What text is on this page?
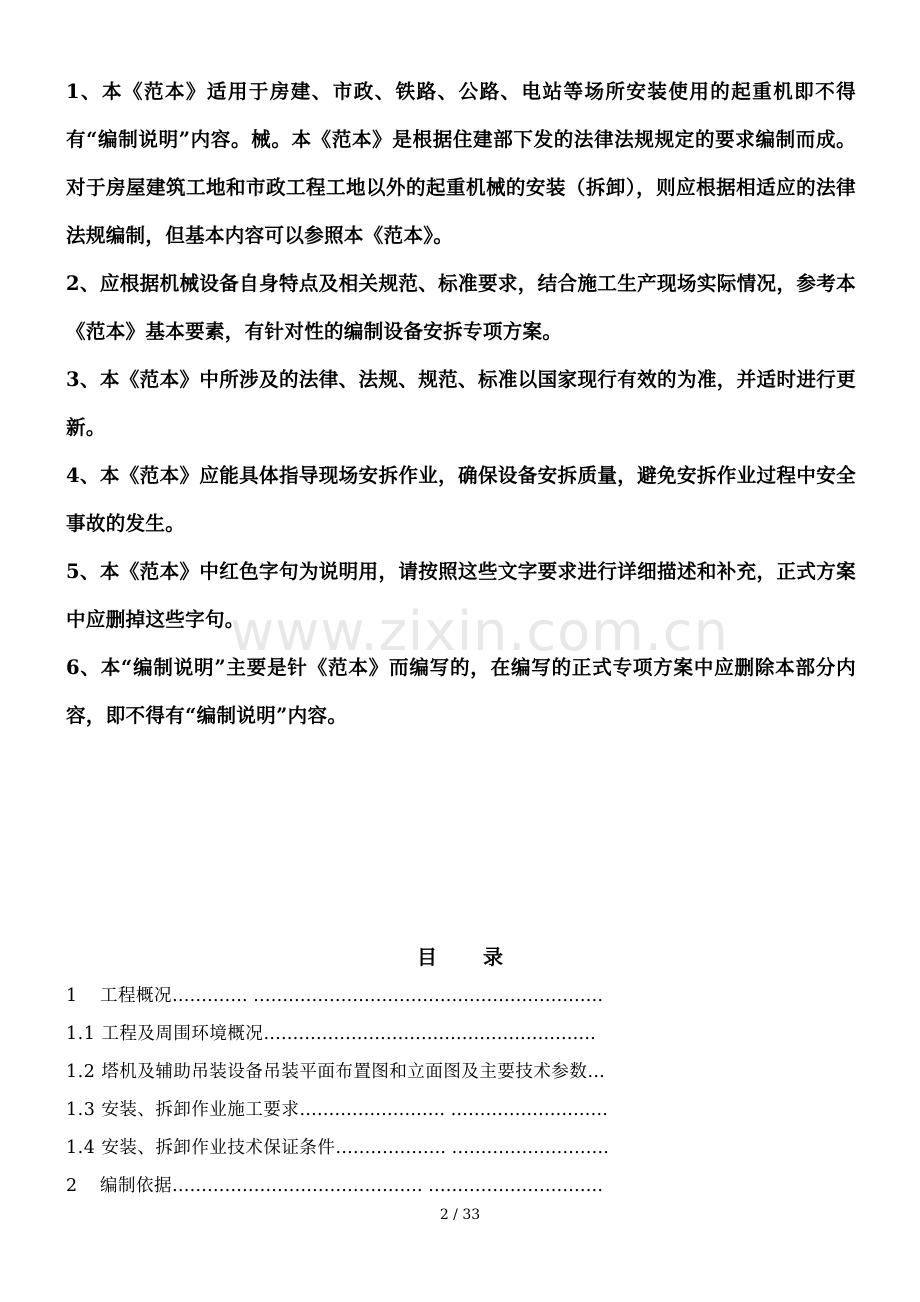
1、本《范本》适用于房建、市政、铁路、公路、电站等场所安装使用的起重机即不得有“编制说明”内容。械。本《范本》是根据住建部下发的法律法规规定的要求编制而成。对于房屋建筑工地和市政工程工地以外的起重机械的安装（拆卸），则应根据相适应的法律法规编制，但基本内容可以参照本《范本》。

2、应根据机械设备自身特点及相关规范、标准要求，结合施工生产现场实际情况，参考本《范本》基本要素，有针对性的编制设备安拆专项方案。

3、本《范本》中所涉及的法律、法规、规范、标准以国家现行有效的为准，并适时进行更新。

4、本《范本》应能具体指导现场安拆作业，确保设备安拆质量，避免安拆作业过程中安全事故的发生。

5、本《范本》中红色字句为说明用，请按照这些文字要求进行详细描述和补充，正式方案中应删掉这些字句。

6、本“编制说明”主要是针《范本》而编写的，在编写的正式专项方案中应删除本部分内容，即不得有“编制说明”内容。

www.zixin.com.cn
目 录
1 工程概况…………. ……………………………………………………
1.1 工程及周围环境概况…………………………………………………
1.2 塔机及辅助吊装设备吊装平面布置图和立面图及主要技术参数…
1.3 安装、拆卸作业施工要求……………………. ………………………
1.4 安装、拆卸作业技术保证条件………………. ………………………
2 编制依据……………………………………. …………………………
2 / 33
